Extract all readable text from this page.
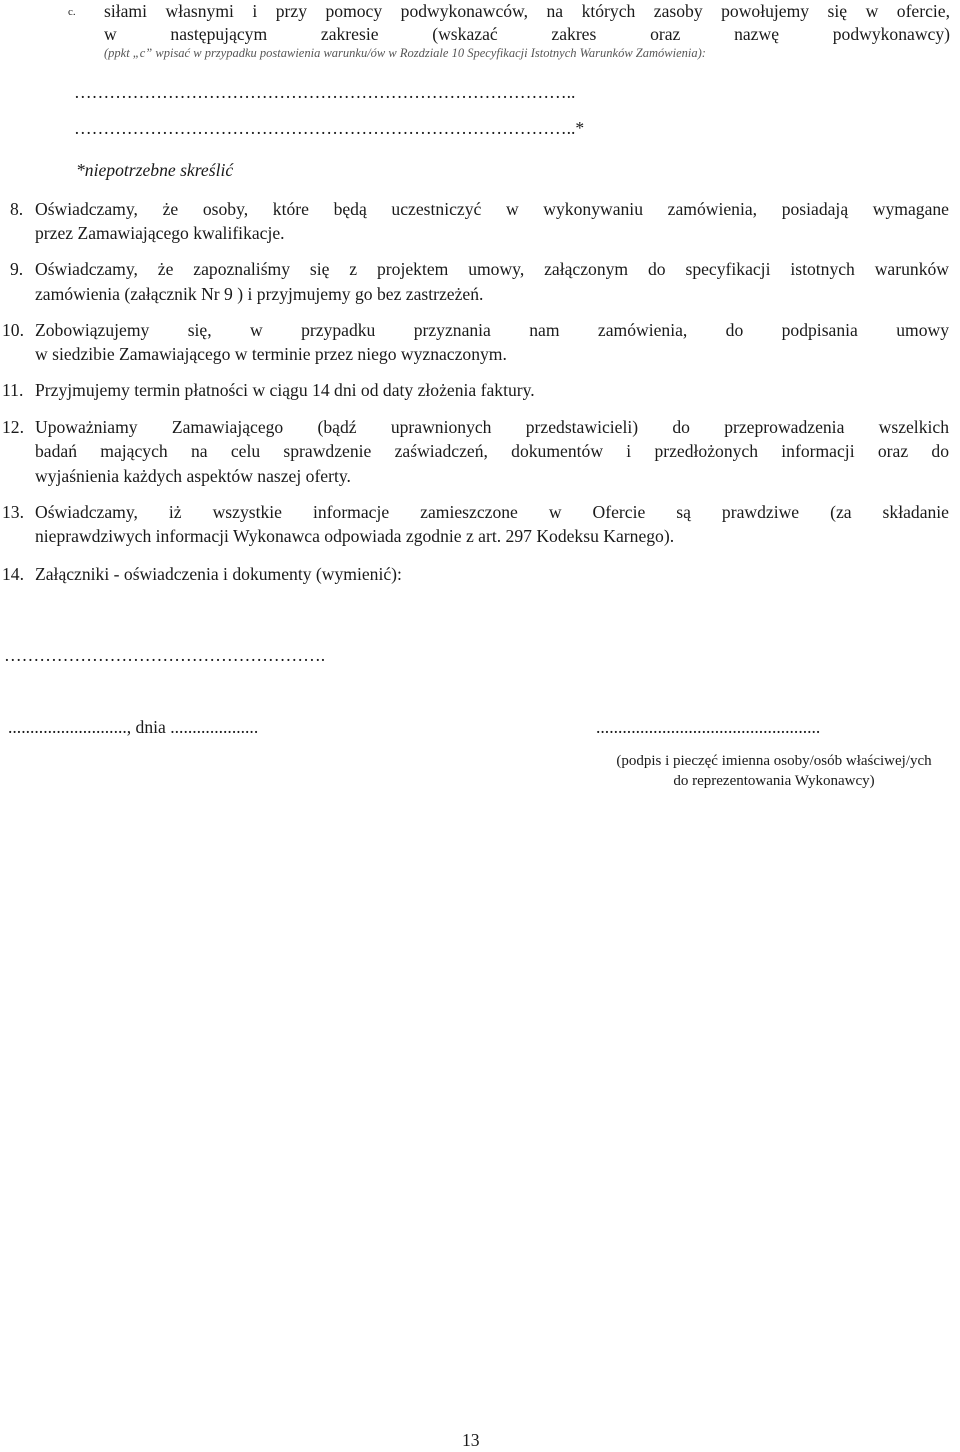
c. siłami własnymi i przy pomocy podwykonawców, na których zasoby powołujemy się w ofercie,
w następującym zakresie (wskazać zakres oraz nazwę podwykonawcy)
(ppkt „c” wpisać w przypadku postawienia warunku/ów w Rozdziale 10 Specyfikacji Istotnych Warunków Zamówienia):
…………………………………………………………………………..
…………………………………………………………………………..*
*niepotrzebne skreślić
8. Oświadczamy, że osoby, które będą uczestniczyć w wykonywaniu zamówienia, posiadają wymagane
przez Zamawiającego kwalifikacje.
9. Oświadczamy, że zapoznaliśmy się z projektem umowy, załączonym do specyfikacji istotnych warunków
zamówienia (załącznik Nr 9 ) i przyjmujemy go bez zastrzeżeń.
10. Zobowiązujemy się, w przypadku przyznania nam zamówienia, do podpisania umowy
w siedzibie Zamawiającego w terminie przez niego wyznaczonym.
11. Przyjmujemy termin płatności w ciągu 14 dni od daty złożenia faktury.
12. Upoważniamy Zamawiającego (bądź uprawnionych przedstawicieli) do przeprowadzenia wszelkich
badań mających na celu sprawdzenie zaświadczeń, dokumentów i przedłożonych informacji oraz do
wyjaśnienia każdych aspektów naszej oferty.
13. Oświadczamy, iż wszystkie informacje zamieszczone w Ofercie są prawdziwe (za składanie
nieprawdziwych informacji Wykonawca odpowiada zgodnie z art. 297 Kodeksu Karnego).
14. Załączniki - oświadczenia i dokumenty (wymienić):
……………………………………………….
..........................., dnia ....................	...................................................
(podpis i pieczęć imienna osoby/osób właściwej/ych
do reprezentowania Wykonawcy)
13
